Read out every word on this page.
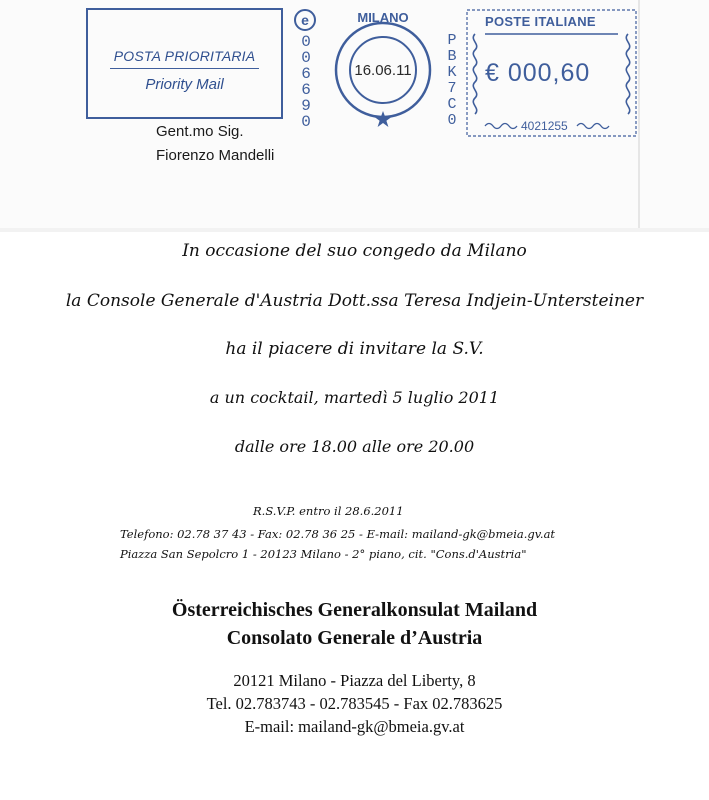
POSTA PRIORITARIA
Priority Mail
e
0
0
6
6
9
0
MILANO
16.06.11
P
B
K
7
C
0
POSTE ITALIANE
€ 000,60
4021255
Gent.mo Sig.
Fiorenzo Mandelli
In occasione del suo congedo da Milano
la Console Generale d'Austria Dott.ssa Teresa Indjein-Untersteiner
ha il piacere di invitare la S.V.
a un cocktail, martedì 5 luglio 2011
dalle ore 18.00 alle ore 20.00
R.S.V.P. entro il 28.6.2011
Telefono: 02.78 37 43 - Fax: 02.78 36 25 - E-mail: mailand-gk@bmeia.gv.at
Piazza San Sepolcro 1 - 20123 Milano - 2° piano, cit. "Cons.d'Austria"
Österreichisches Generalkonsulat Mailand
Consolato Generale d’Austria
20121 Milano - Piazza del Liberty, 8
Tel. 02.783743 - 02.783545 - Fax 02.783625
E-mail: mailand-gk@bmeia.gv.at
